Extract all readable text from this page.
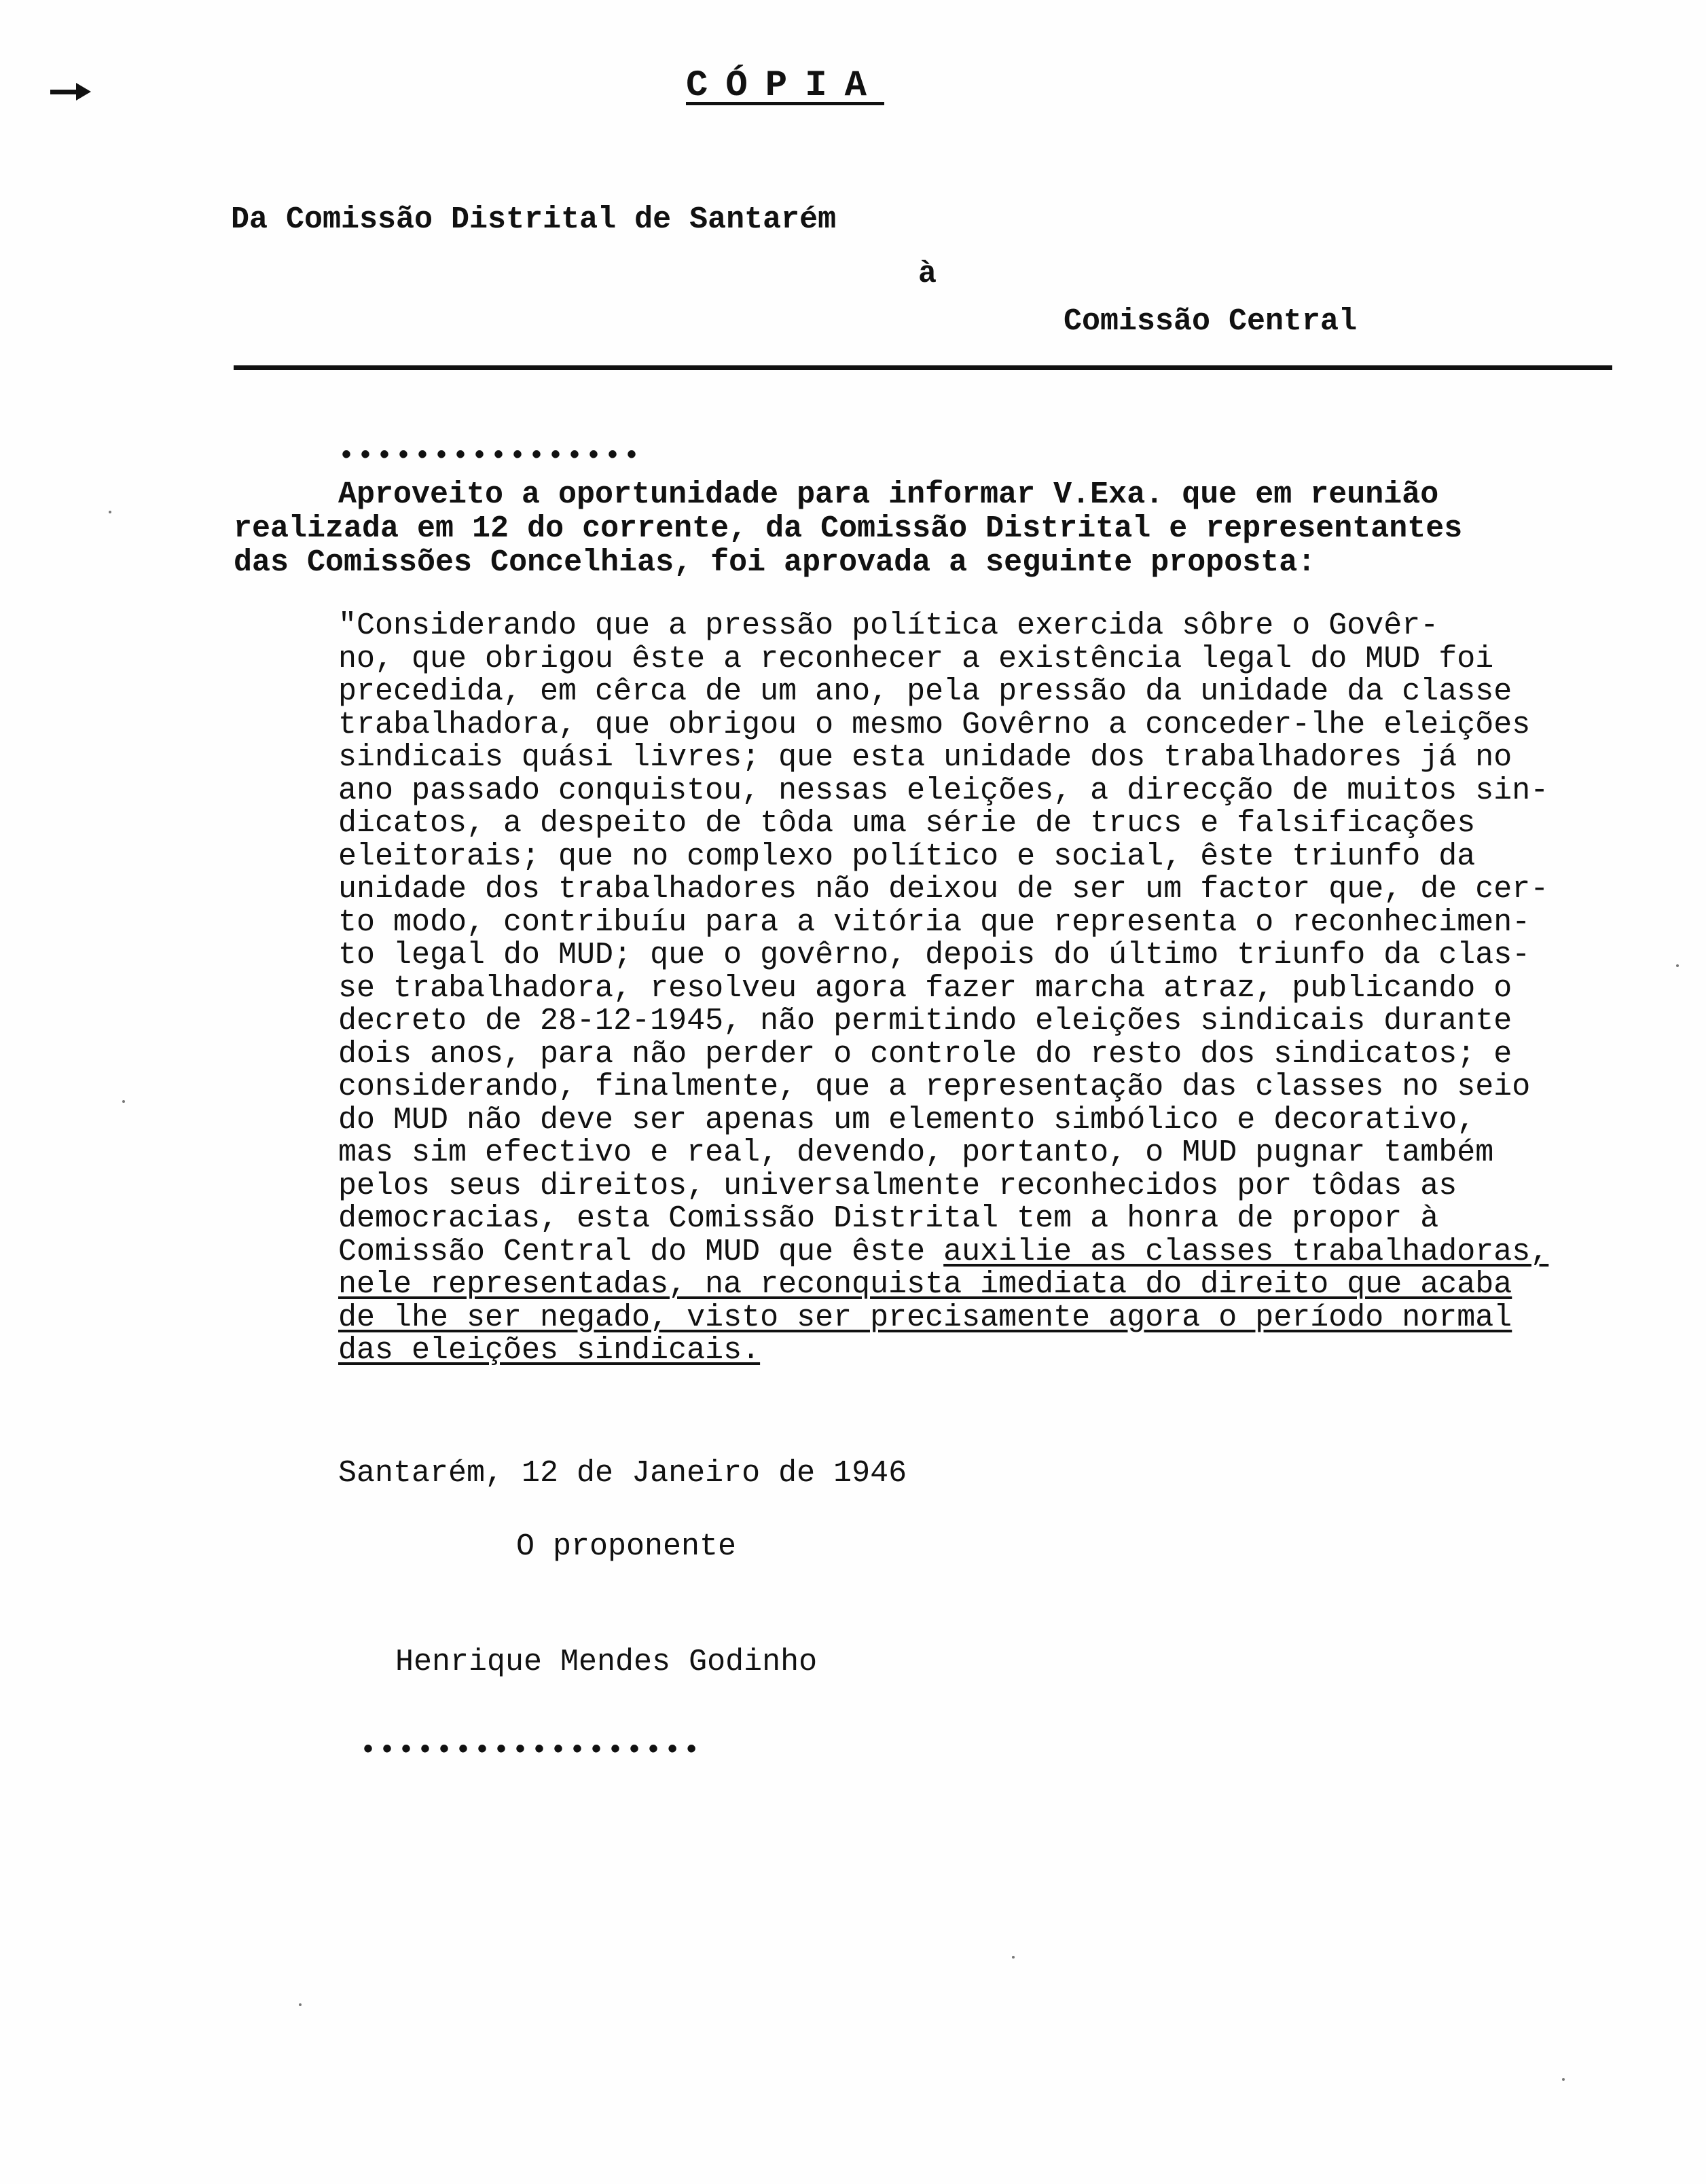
CÓPIA
Da Comissão Distrital de Santarém
à
Comissão Central
••••••••••••••••
Aproveito a oportunidade para informar V.Exa. que em reunião
realizada em 12 do corrente, da Comissão Distrital e representantes
das Comissões Concelhias, foi aprovada a seguinte proposta:
"Considerando que a pressão política exercida sôbre o Govêr-
no, que obrigou êste a reconhecer a existência legal do MUD foi
precedida, em cêrca de um ano, pela pressão da unidade da classe
trabalhadora, que obrigou o mesmo Govêrno a conceder-lhe eleições
sindicais quási livres; que esta unidade dos trabalhadores já no
ano passado conquistou, nessas eleições, a direcção de muitos sin-
dicatos, a despeito de tôda uma série de trucs e falsificações
eleitorais; que no complexo político e social, êste triunfo da
unidade dos trabalhadores não deixou de ser um factor que, de cer-
to modo, contribuíu para a vitória que representa o reconhecimen-
to legal do MUD; que o govêrno, depois do último triunfo da clas-
se trabalhadora, resolveu agora fazer marcha atraz, publicando o
decreto de 28-12-1945, não permitindo eleições sindicais durante
dois anos, para não perder o controle do resto dos sindicatos; e
considerando, finalmente, que a representação das classes no seio
do MUD não deve ser apenas um elemento simbólico e decorativo,
mas sim efectivo e real, devendo, portanto, o MUD pugnar também
pelos seus direitos, universalmente reconhecidos por tôdas as
democracias, esta Comissão Distrital tem a honra de propor à
Comissão Central do MUD que êste auxilie as classes trabalhadoras,
nele representadas, na reconquista imediata do direito que acaba
de lhe ser negado, visto ser precisamente agora o período normal
das eleições sindicais.
Santarém, 12 de Janeiro de 1946
O proponente
Henrique Mendes Godinho
••••••••••••••••••
